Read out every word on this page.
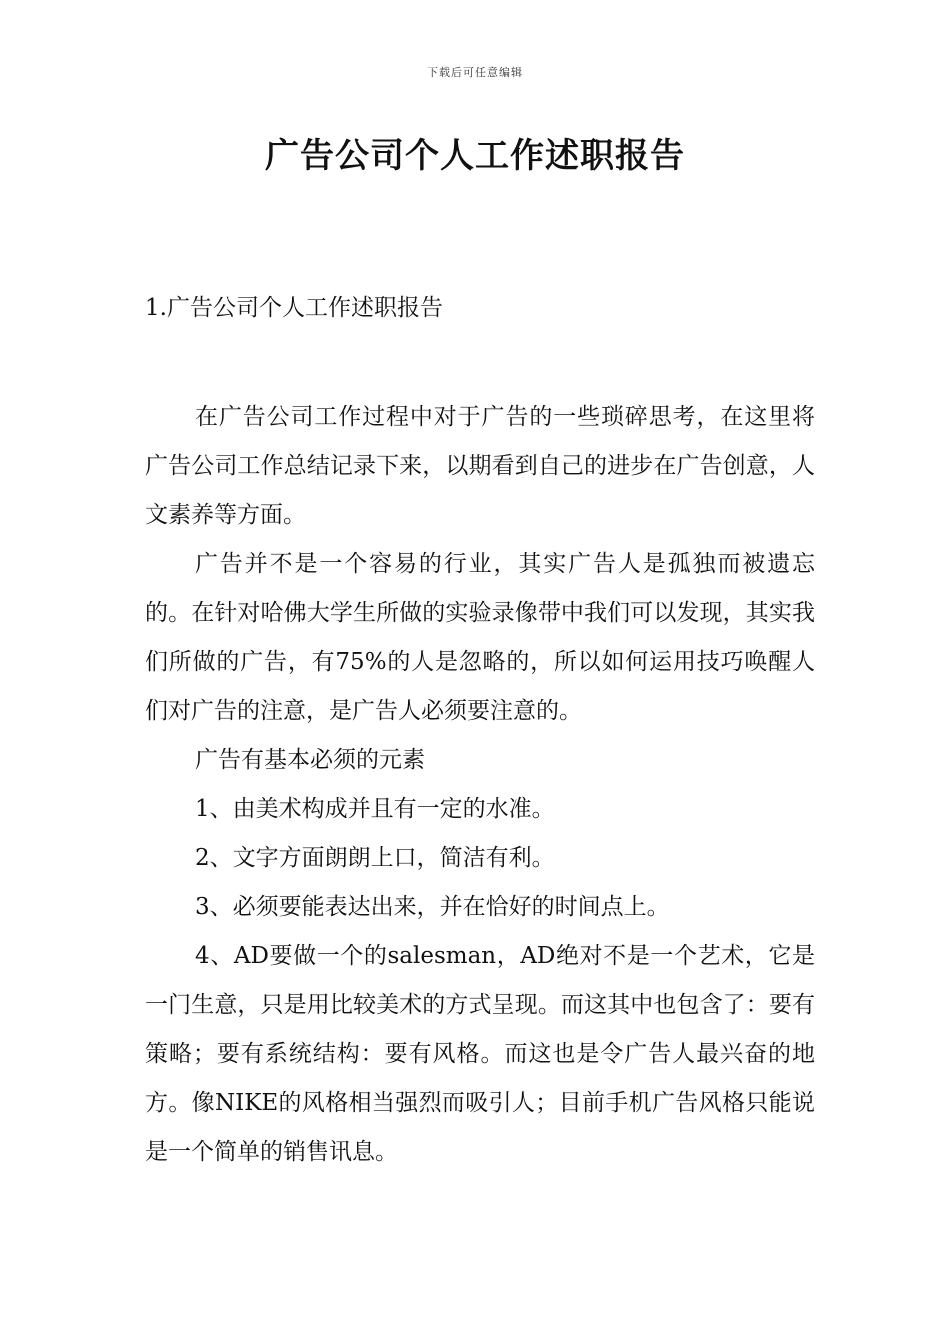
下载后可任意编辑
广告公司个人工作述职报告

1.广告公司个人工作述职报告

在广告公司工作过程中对于广告的一些琐碎思考，在这里将广告公司工作总结记录下来，以期看到自己的进步在广告创意，人文素养等方面。

广告并不是一个容易的行业，其实广告人是孤独而被遗忘的。在针对哈佛大学生所做的实验录像带中我们可以发现，其实我们所做的广告，有75%的人是忽略的，所以如何运用技巧唤醒人们对广告的注意，是广告人必须要注意的。

广告有基本必须的元素

1、由美术构成并且有一定的水准。

2、文字方面朗朗上口，简洁有利。

3、必须要能表达出来，并在恰好的时间点上。

4、AD要做一个的salesman，AD绝对不是一个艺术，它是一门生意，只是用比较美术的方式呈现。而这其中也包含了：要有策略；要有系统结构：要有风格。而这也是令广告人最兴奋的地方。像NIKE的风格相当强烈而吸引人；目前手机广告风格只能说是一个简单的销售讯息。
